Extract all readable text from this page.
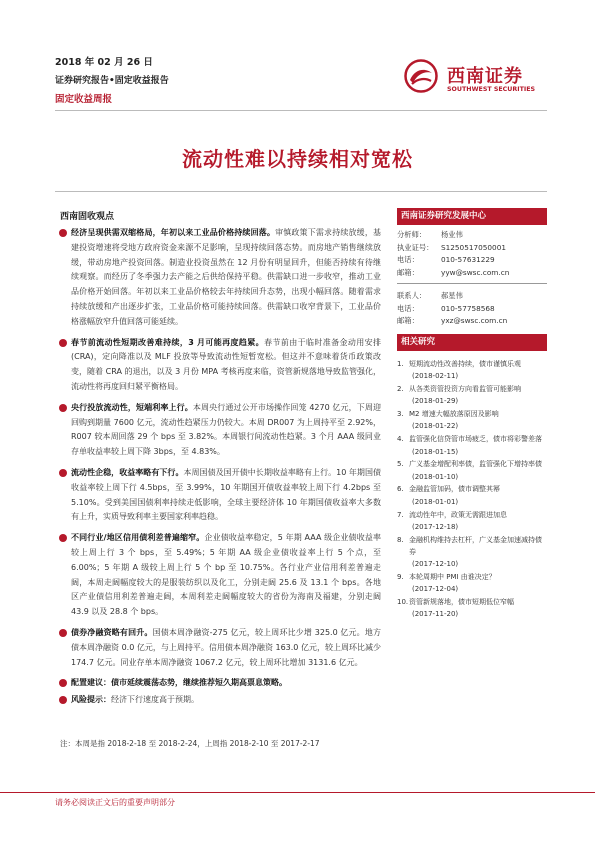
2018 年 02 月 26 日
证券研究报告•固定收益报告
固定收益周报
西南证券
SOUTHWEST SECURITIES
流动性难以持续相对宽松
西南固收观点
经济呈现供需双缩格局，年初以来工业品价格持续回落。审慎政策下需求持续放缓，基建投资增速将受地方政府资金来源不足影响，呈现持续回落态势。而房地产销售继续放缓，带动房地产投资回落。制造业投资虽然在 12 月份有明显回升，但能否持续有待继续观察。而经历了冬季强力去产能之后供给保持平稳。供需缺口进一步收窄，推动工业品价格开始回落。年初以来工业品价格较去年持续回升态势，出现小幅回落。随着需求持续放缓和产出逐步扩张，工业品价格可能持续回落。供需缺口收窄背景下，工业品价格涨幅放窄升值回落可能延续。
春节前流动性短期改善难持续，3 月可能再度趋紧。春节前由于临时准备金动用安排(CRA)，定向降准以及 MLF 投放等导致流动性短暂宽松。但这并不意味着货币政策改变，随着 CRA 的退出，以及 3 月份 MPA 考核再度来临，资管新规落地导致监管强化，流动性将再度回归紧平衡格局。
央行投放流动性，短端利率上行。本周央行通过公开市场操作回笼 4270 亿元，下周迎回购到期量 7600 亿元，流动性趋紧压力仍较大。本周 DR007 为上周持平至 2.92%，R007 较本周回落 29 个 bps 至 3.82%。本周银行间流动性趋紧。3 个月 AAA 级同业存单收益率较上周下降 3bps，至 4.83%。
流动性企稳，收益率略有下行。本周国债及国开债中长期收益率略有上行。10 年期国债收益率较上周下行 4.5bps，至 3.99%，10 年期国开债收益率较上周下行 4.2bps 至 5.10%。受到美国国债利率持续走低影响，全球主要经济体 10 年期国债收益率大多数有上升，实质导致利率主要国家利率趋稳。
不同行业/地区信用债利差普遍缩窄。企业债收益率稳定，5 年期 AAA 级企业债收益率较上周上行 3 个 bps，至 5.49%；5 年期 AA 级企业债收益率上行 5 个点，至 6.00%；5 年期 A 级较上周上行 5 个 bp 至 10.75%。各行业产业信用利差普遍走阔，本周走阔幅度较大的是服装纺织以及化工，分别走阔 25.6 及 13.1 个 bps。各地区产业债信用利差普遍走阔，本周利差走阔幅度较大的省份为海南及福建，分别走阔 43.9 以及 28.8 个 bps。
债券净融资略有回升。国债本周净融资-275 亿元，较上周环比少增 325.0 亿元。地方债本周净融资 0.0 亿元，与上周持平。信用债本周净融资 163.0 亿元，较上周环比减少 174.7 亿元。同业存单本周净融资 1067.2 亿元，较上周环比增加 3131.6 亿元。
配置建议：债市延续震荡态势，继续推荐短久期高票息策略。
风险提示：经济下行速度高于预期。
注：本周是指 2018-2-18 至 2018-2-24，上周指 2018-2-10 至 2017-2-17
请务必阅读正文后的重要声明部分
西南证券研究发展中心
分析师： 杨业伟
执业证号： S1250517050001
电话：	010-57631229
邮箱：	yyw@swsc.com.cn
联系人： 郝星伟
电话：	010-57758568
邮箱：	yxz@swsc.com.cn
相关研究
1. 短期流动性改善持续，债市谨慎乐观
(2018-02-11)
2. 从各类资管投资方向看监管可能影响
(2018-01-29)
3. M2 增速大幅放落原因及影响
(2018-01-22)
4. 监管强化信贷管市场疲乏，债市将彩警差落
(2018-01-15)
5. 广义基金增配利率债，监管强化下增持率债
(2018-01-10)
6. 金融监管加码，债市调整其幂
(2018-01-01)
7. 流动性年中，政策无需跟进加息
(2017-12-18)
8. 金融机构维持去杠杆，广义基金加速减持债券
(2017-12-10)
9. 本轮周期中 PMI 由谁决定？
(2017-12-04)
10. 资管新规落地，债市短期低位窄幅
(2017-11-20)
